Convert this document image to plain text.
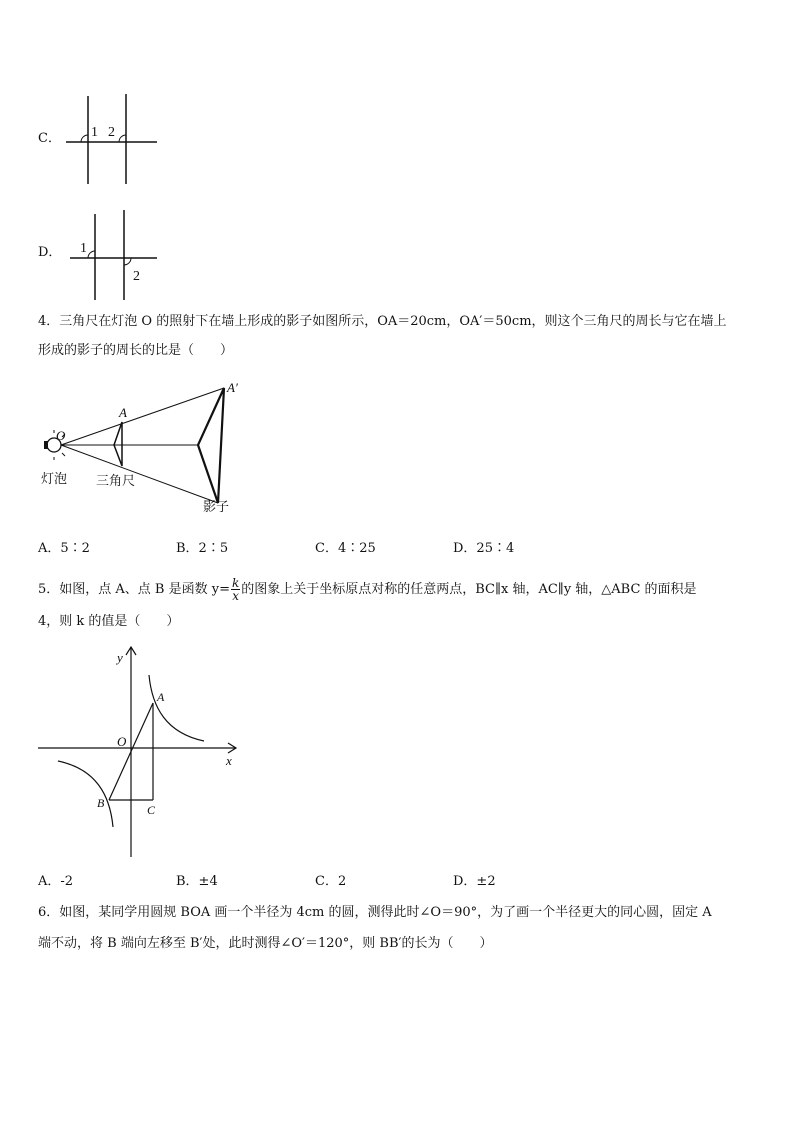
C． 1 2
D． 1
2
4．三角尺在灯泡 O 的照射下在墙上形成的影子如图所示，OA＝20cm，OA′＝50cm，则这个三角尺的周长与它在墙上
形成的影子的周长的比是（　　）
O
A
A′
灯泡 三角尺
影子
A．5∶2	B．2∶5	C．4∶25	D．25∶4
5．如图，点 A、点 B 是函数 $y= \frac{k}{x}$ 的图象上关于坐标原点对称的任意两点，BC∥x 轴，AC∥y 轴，△ABC 的面积是
4，则 k 的值是（　　）
y
x
O
A
B	C
A．-2	B．±4	C．2	D．±2
6．如图，某同学用圆规 BOA 画一个半径为 4cm 的圆，测得此时∠O＝90°，为了画一个半径更大的同心圆，固定 A
端不动，将 B 端向左移至 B′处，此时测得∠O′＝120°，则 BB′的长为（　　）
